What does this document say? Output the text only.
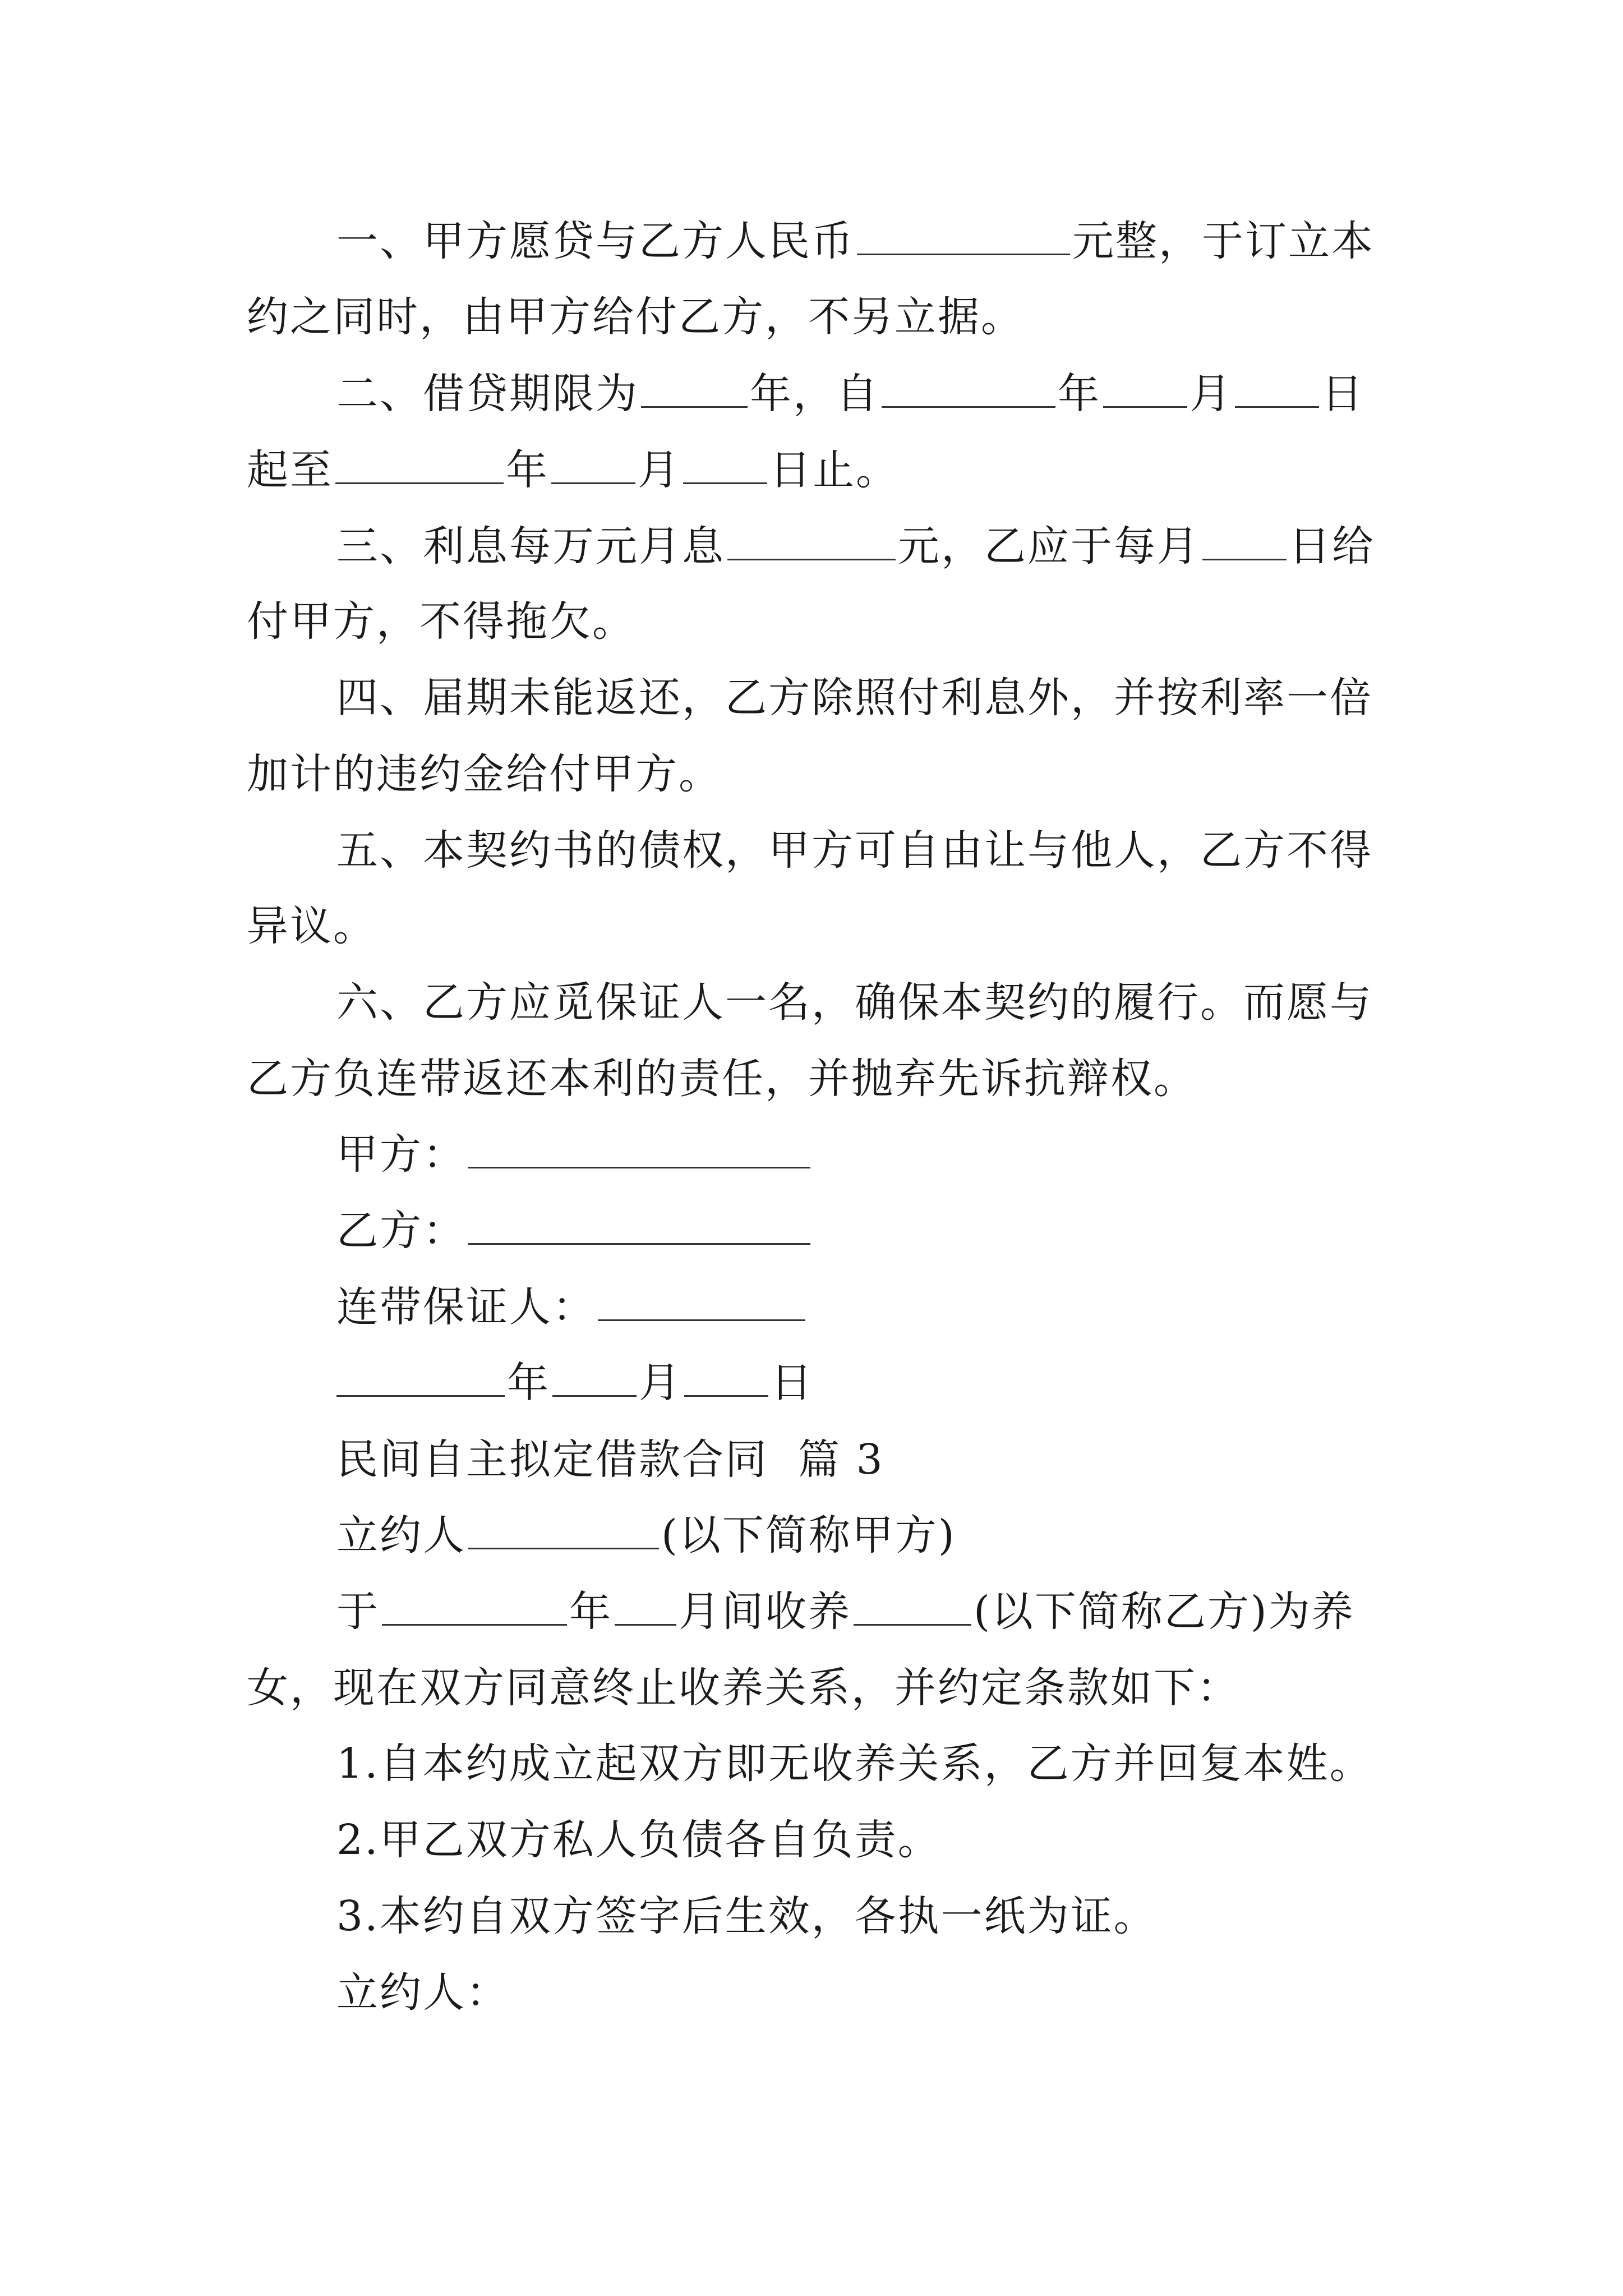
一、甲方愿贷与乙方人民币	元整，于订立本
约之同时，由甲方给付乙方，不另立据。
二、借贷期限为	年，自	年 月 日
起至	年 月 日止。
三、利息每万元月息	元，乙应于每月 日给
付甲方，不得拖欠。
四、届期未能返还，乙方除照付利息外，并按利率一倍
加计的违约金给付甲方。
五、本契约书的债权，甲方可自由让与他人，乙方不得
异议。
六、乙方应觅保证人一名，确保本契约的履行。而愿与
乙方负连带返还本利的责任，并抛弃先诉抗辩权。
甲方：
乙方：
连带保证人：
年 月 日
民间自主拟定借款合同  篇 3
立约人	(以下简称甲方)
于	年 月间收养	(以下简称乙方)为养
女，现在双方同意终止收养关系，并约定条款如下：
1.自本约成立起双方即无收养关系，乙方并回复本姓。
2.甲乙双方私人负债各自负责。
3.本约自双方签字后生效，各执一纸为证。
立约人：
